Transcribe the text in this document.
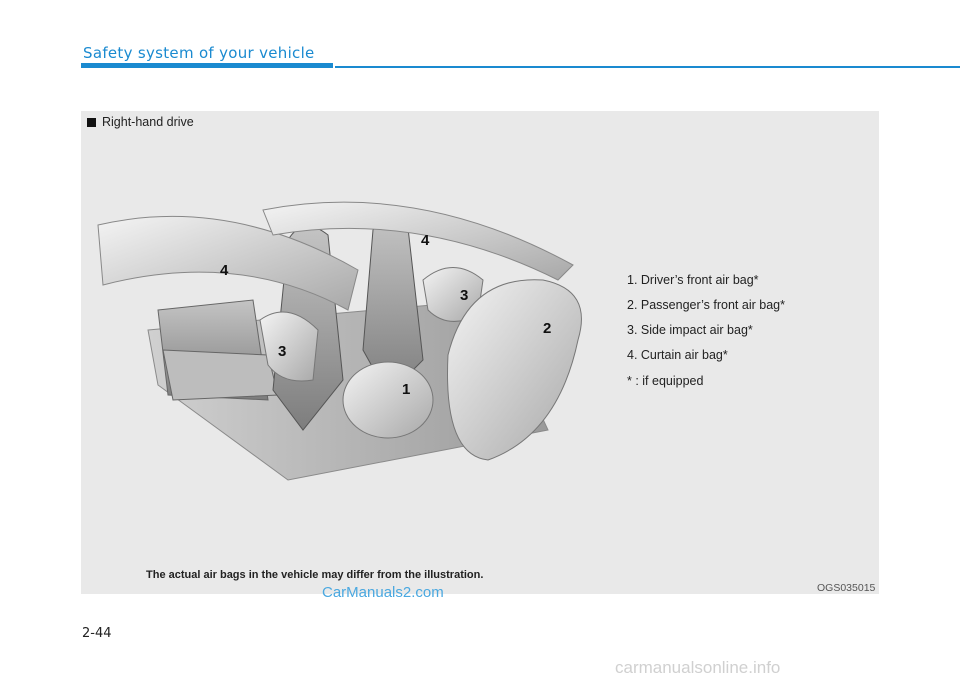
Safety system of your vehicle
Right-hand drive
1
2
3
3
4
4
1. Driver’s front air bag*
2. Passenger’s front air bag*
3. Side impact air bag*
4. Curtain air bag*
* : if equipped
The actual air bags in the vehicle may differ from the illustration.
OGS035015
CarManuals2.com
2-44
carmanualsonline.info
